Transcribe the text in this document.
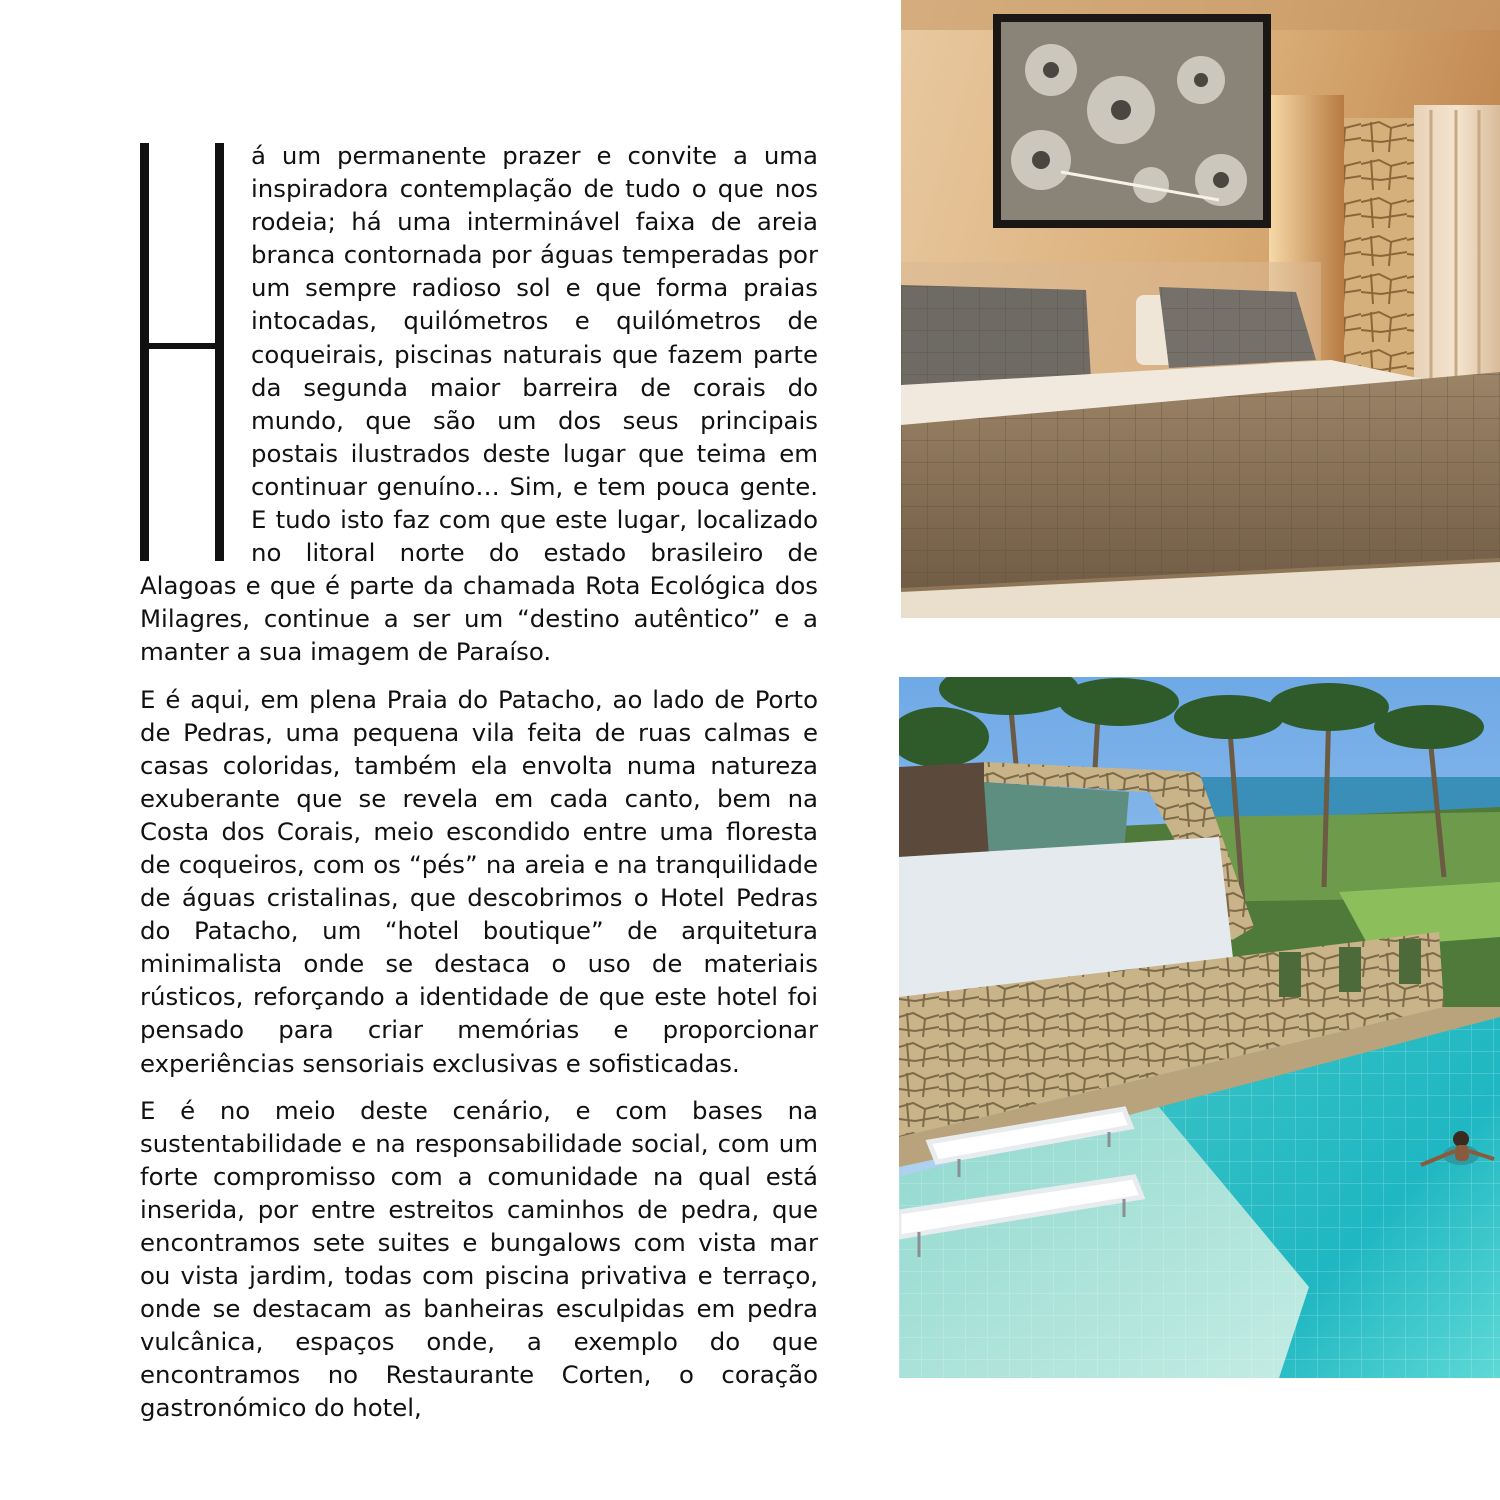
á um permanente prazer e convite a uma inspiradora contemplação de tudo o que nos rodeia; há uma interminável faixa de areia branca contornada por águas temperadas por um sempre radioso sol e que forma praias intocadas, quilómetros e quilómetros de coqueirais, piscinas naturais que fazem parte da segunda maior barreira de corais do mundo, que são um dos seus principais postais ilustrados deste lugar que teima em continuar genuíno… Sim, e tem pouca gente. E tudo isto faz com que este lugar, localizado no litoral norte do estado brasileiro de Alagoas e que é parte da chamada Rota Ecológica dos Milagres, continue a ser um “destino autêntico” e a manter a sua imagem de Paraíso.

E é aqui, em plena Praia do Patacho, ao lado de Porto de Pedras, uma pequena vila feita de ruas calmas e casas coloridas, também ela envolta numa natureza exuberante que se revela em cada canto, bem na Costa dos Corais, meio escondido entre uma floresta de coqueiros, com os “pés” na areia e na tranquilidade de águas cristalinas, que descobrimos o Hotel Pedras do Patacho, um “hotel boutique” de arquitetura minimalista onde se destaca o uso de materiais rústicos, reforçando a identidade de que este hotel foi pensado para criar memórias e proporcionar experiências sensoriais exclusivas e sofisticadas.

E é no meio deste cenário, e com bases na sustentabilidade e na responsabilidade social, com um forte compromisso com a comunidade na qual está inserida, por entre estreitos caminhos de pedra, que encontramos sete suites e bungalows com vista mar ou vista jardim, todas com piscina privativa e terraço, onde se destacam as banheiras esculpidas em pedra vulcânica, espaços onde, a exemplo do que encontramos no Restaurante Corten, o coração gastronómico do hotel,
